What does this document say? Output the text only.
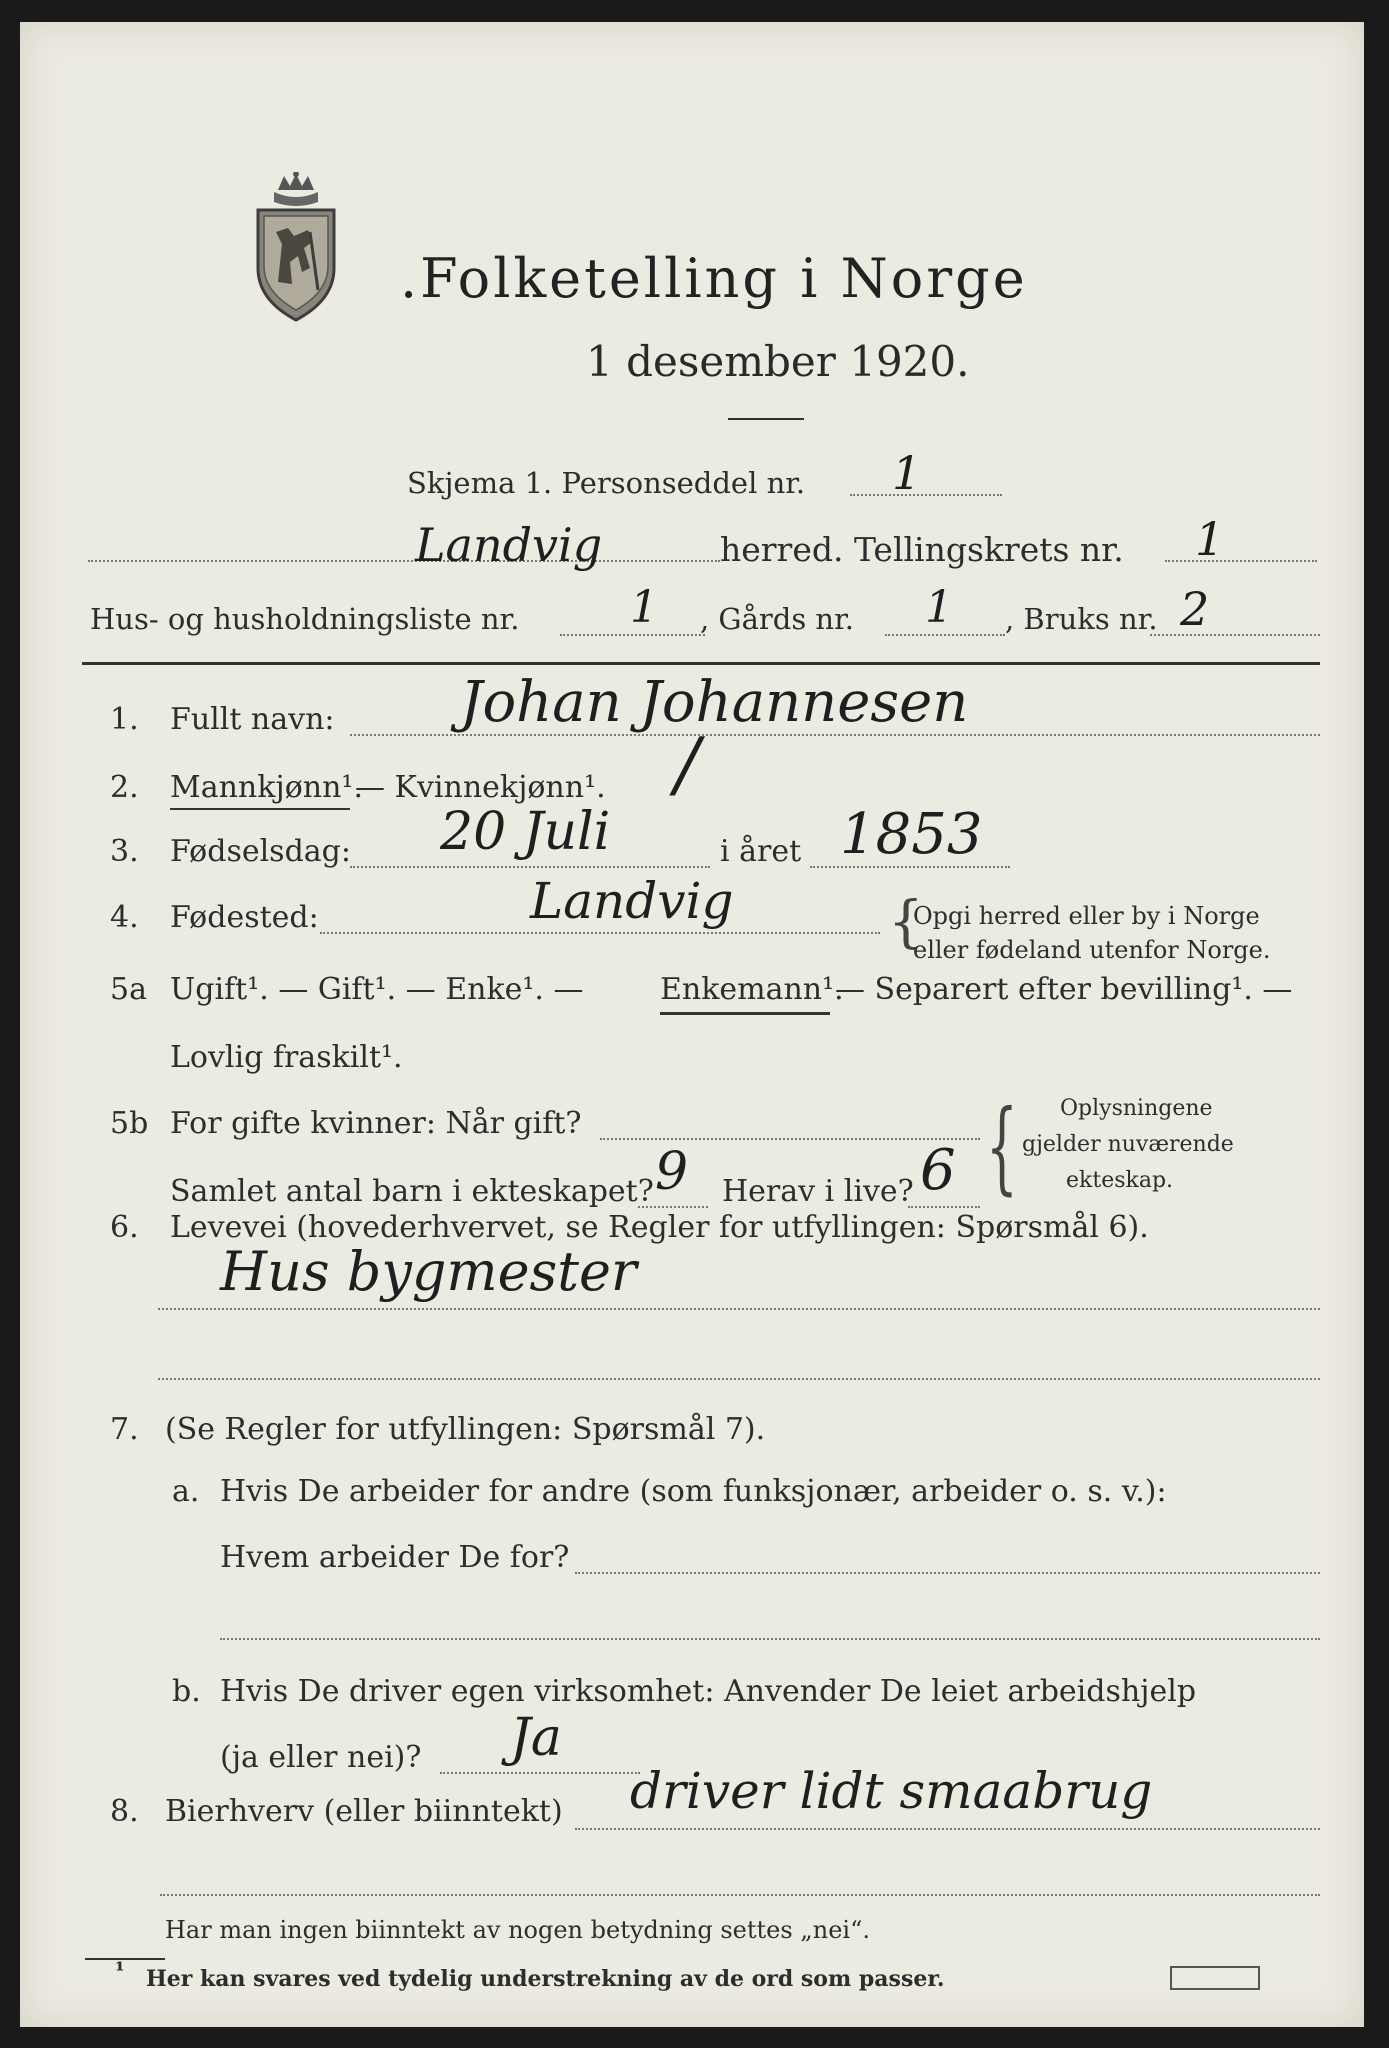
.Folketelling i Norge
1 desember 1920.
Skjema 1. Personseddel nr. 1
Landvig	herred. Tellingskrets nr. 1
Hus- og husholdningsliste nr.	1 , Gårds nr. 1 , Bruks nr. 2
1. Fullt navn: Johan Johannesen
2. Mannkjønn¹.
— Kvinnekjønn¹. /
3. Fødselsdag: 20 Juli	i året 1853
4. Fødested:	Landvig	{
Opgi herred eller by i Norge
eller fødeland utenfor Norge.
5a Ugift¹. — Gift¹. — Enke¹. —	Enkemann¹.
— Separert efter bevilling¹. —
Lovlig fraskilt¹.
5b For gifte kvinner: Når gift?
Samlet antal barn i ekteskapet? 9 Herav i live? 6 { Oplysningene
gjelder nuværende
ekteskap.
6. Levevei (hovederhvervet, se Regler for utfyllingen: Spørsmål 6).
Hus bygmester
7. (Se Regler for utfyllingen: Spørsmål 7).
a. Hvis De arbeider for andre (som funksjonær, arbeider o. s. v.):
Hvem arbeider De for?
b. Hvis De driver egen virksomhet: Anvender De leiet arbeidshjelp
(ja eller nei)? Ja
8. Bierhverv (eller biinntekt) driver lidt smaabrug
Har man ingen biinntekt av nogen betydning settes „nei“.
¹ Her kan svares ved tydelig understrekning av de ord som passer.
